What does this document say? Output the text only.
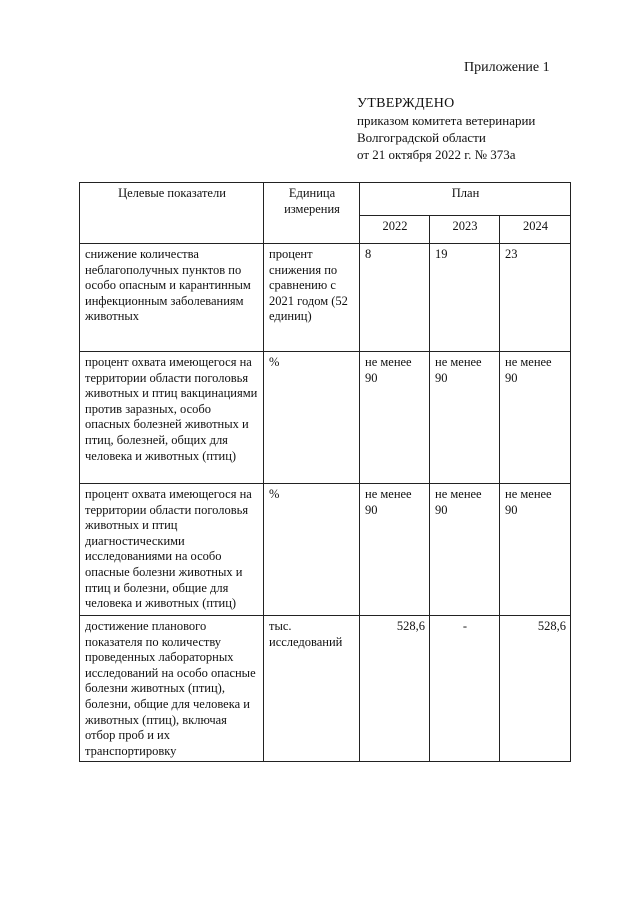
Приложение 1
УТВЕРЖДЕНО
приказом комитета ветеринарии
Волгоградской области
от 21 октября 2022 г. № 373а
Целевые показатели	Единица измерения	План		
		2022	2023	2024
снижение количества неблагополучных пунктов по особо опасным и карантинным инфекционным заболеваниям животных	процент снижения по сравнению с 2021 годом (52 единиц)	8	19	23
процент охвата имеющегося на территории области поголовья животных и птиц вакцинациями против заразных, особо опасных болезней животных и птиц, болезней, общих для человека и животных (птиц)	%	не менее 90	не менее 90	не менее 90
процент охвата имеющегося на территории области поголовья животных и птиц диагностическими исследованиями на особо опасные болезни животных и птиц и болезни, общие для человека и животных (птиц)	%	не менее 90	не менее 90	не менее 90
достижение планового показателя по количеству проведенных лабораторных исследований на особо опасные болезни животных (птиц), болезни, общие для человека и животных (птиц), включая отбор проб и их транспортировку	тыс. исследований	528,6	-	528,6
